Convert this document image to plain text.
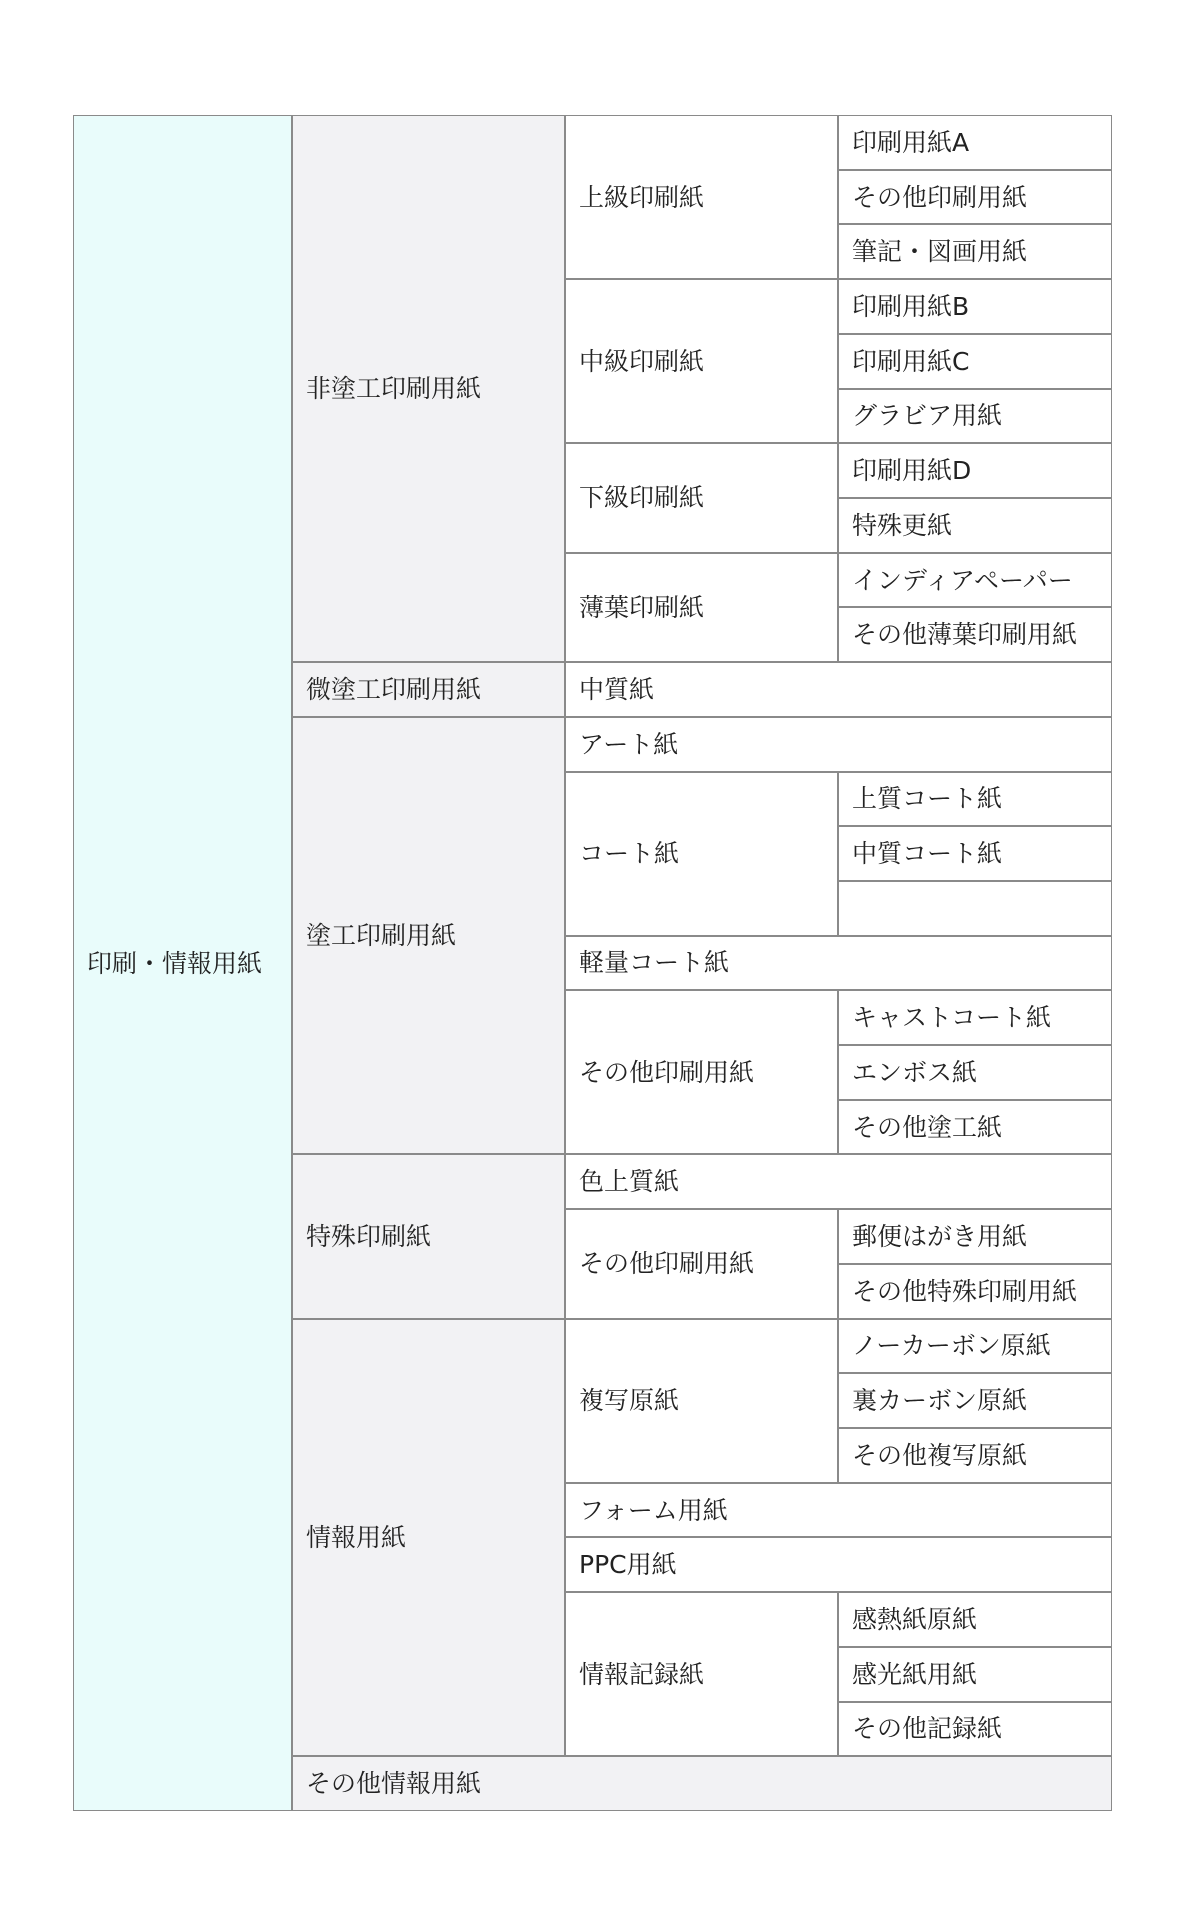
印刷・情報用紙
非塗工印刷用紙
上級印刷紙
印刷用紙A
その他印刷用紙
筆記・図画用紙
中級印刷紙
印刷用紙B
印刷用紙C
グラビア用紙
下級印刷紙
印刷用紙D
特殊更紙
薄葉印刷紙
インディアペーパー
その他薄葉印刷用紙
微塗工印刷用紙	中質紙
塗工印刷用紙
アート紙
コート紙
上質コート紙
中質コート紙
軽量コート紙
その他印刷用紙
キャストコート紙
エンボス紙
その他塗工紙
特殊印刷紙
色上質紙
その他印刷用紙
郵便はがき用紙
その他特殊印刷用紙
情報用紙
複写原紙
ノーカーボン原紙
裏カーボン原紙
その他複写原紙
フォーム用紙
PPC用紙
情報記録紙
感熱紙原紙
感光紙用紙
その他記録紙
その他情報用紙
